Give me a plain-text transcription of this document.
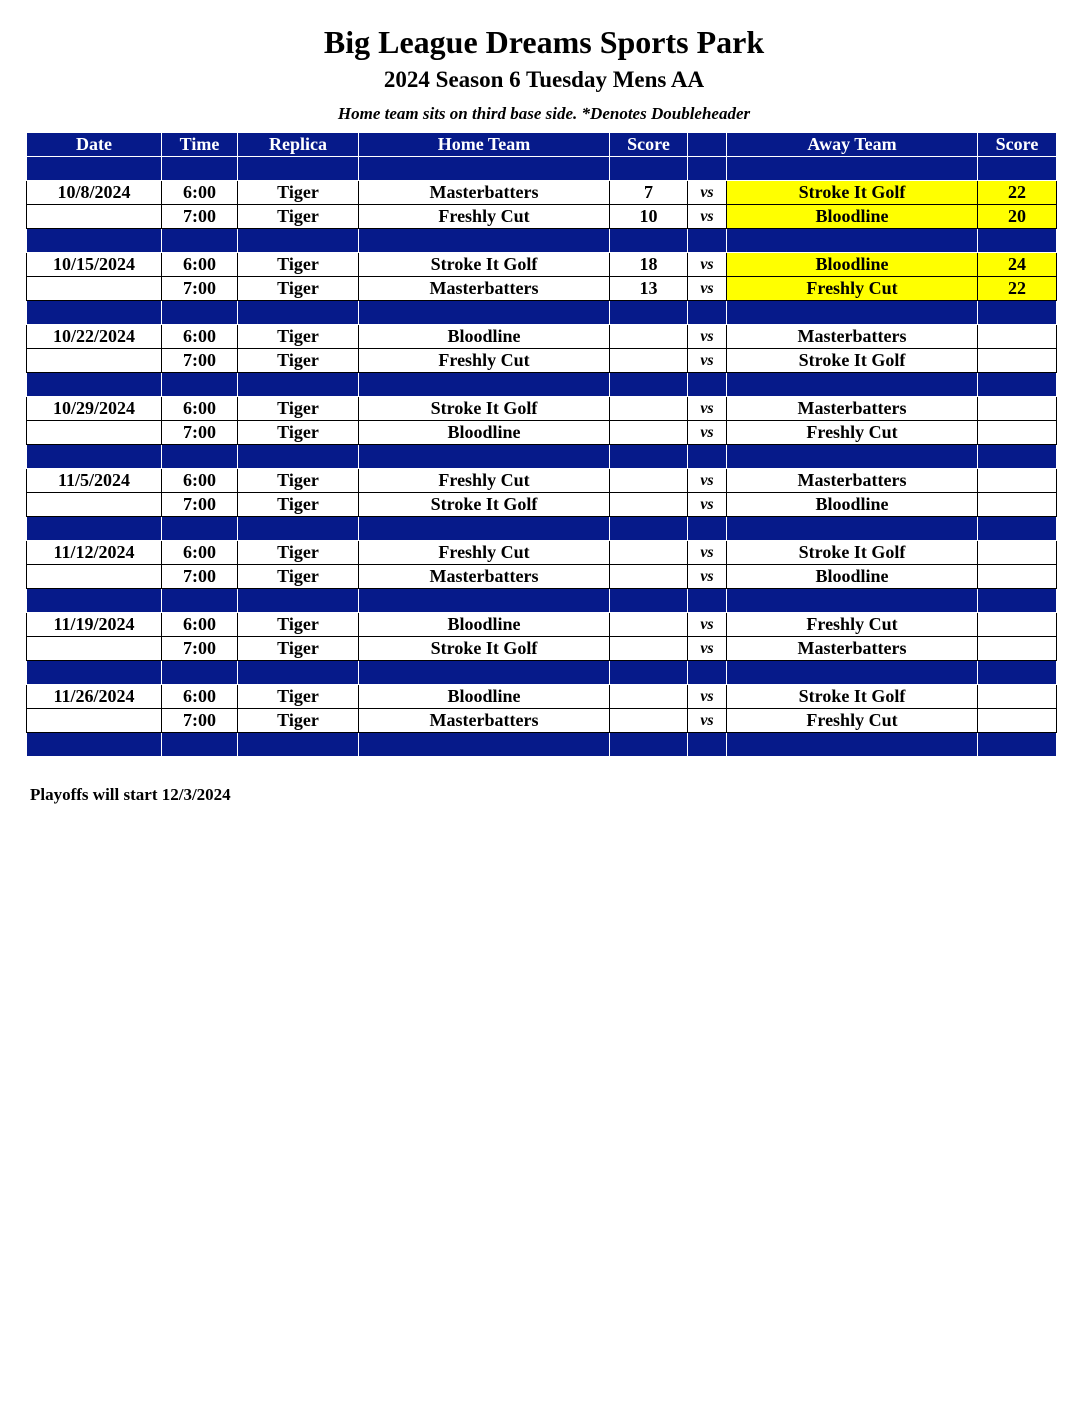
Big League Dreams Sports Park
2024 Season 6 Tuesday Mens AA
Home team sits on third base side. *Denotes Doubleheader
Date	Time	Replica	Home Team	Score		Away Team	Score

10/8/2024	6:00	Tiger	Masterbatters	7	vs	Stroke It Golf	22
	7:00	Tiger	Freshly Cut	10	vs	Bloodline	20

10/15/2024	6:00	Tiger	Stroke It Golf	18	vs	Bloodline	24
	7:00	Tiger	Masterbatters	13	vs	Freshly Cut	22

10/22/2024	6:00	Tiger	Bloodline		vs	Masterbatters	
	7:00	Tiger	Freshly Cut		vs	Stroke It Golf	

10/29/2024	6:00	Tiger	Stroke It Golf		vs	Masterbatters	
	7:00	Tiger	Bloodline		vs	Freshly Cut	

11/5/2024	6:00	Tiger	Freshly Cut		vs	Masterbatters	
	7:00	Tiger	Stroke It Golf		vs	Bloodline	

11/12/2024	6:00	Tiger	Freshly Cut		vs	Stroke It Golf	
	7:00	Tiger	Masterbatters		vs	Bloodline	

11/19/2024	6:00	Tiger	Bloodline		vs	Freshly Cut	
	7:00	Tiger	Stroke It Golf		vs	Masterbatters	

11/26/2024	6:00	Tiger	Bloodline		vs	Stroke It Golf	
	7:00	Tiger	Masterbatters		vs	Freshly Cut	

Playoffs will start 12/3/2024
